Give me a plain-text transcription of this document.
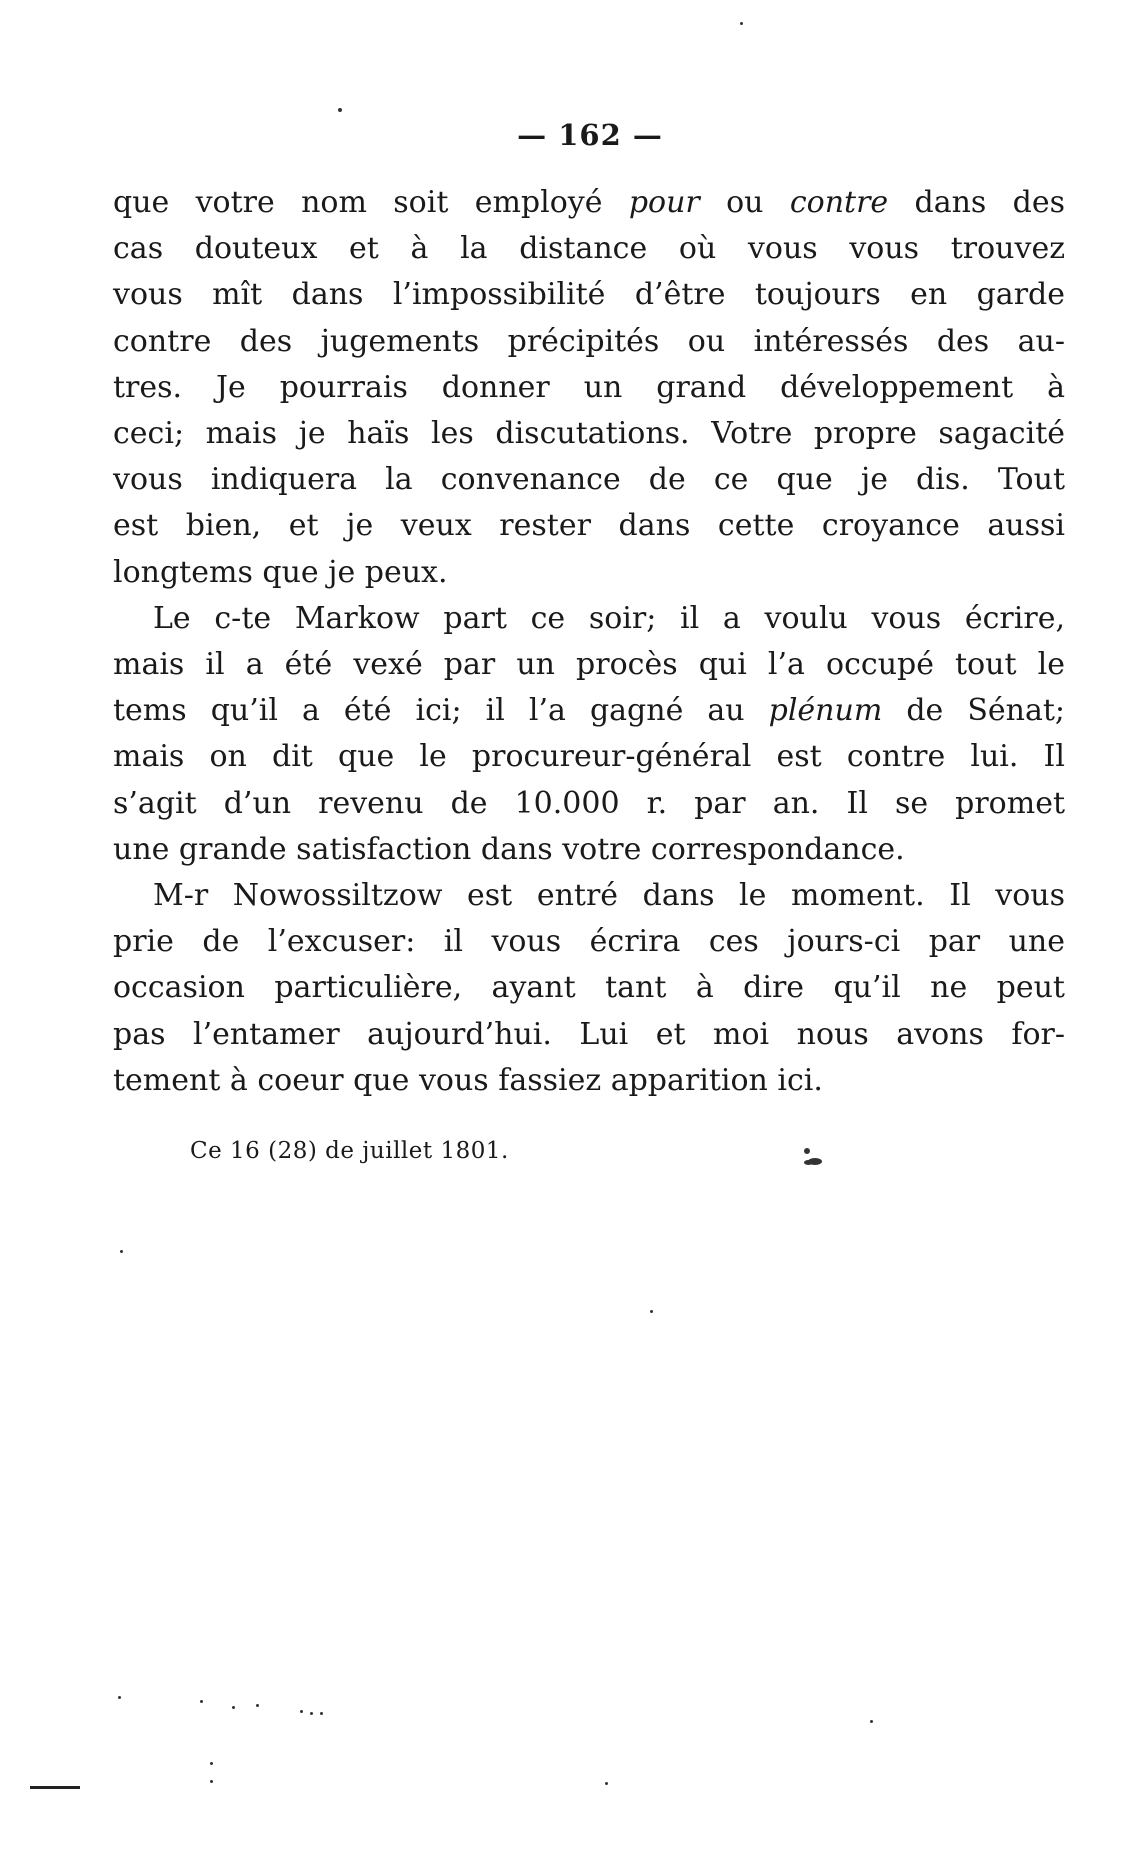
— 162 —

que votre nom soit employé pour ou contre dans des
cas douteux et à la distance où vous vous trouvez
vous mît dans l’impossibilité d’être toujours en garde
contre des jugements précipités ou intéressés des au-
tres. Je pourrais donner un grand développement à
ceci; mais je haïs les discutations. Votre propre sagacité
vous indiquera la convenance de ce que je dis. Tout
est bien, et je veux rester dans cette croyance aussi
longtems que je peux.

Le c-te Markow part ce soir; il a voulu vous écrire,
mais il a été vexé par un procès qui l’a occupé tout le
tems qu’il a été ici; il l’a gagné au plénum de Sénat;
mais on dit que le procureur-général est contre lui. Il
s’agit d’un revenu de 10.000 r. par an. Il se promet
une grande satisfaction dans votre correspondance.

M-r Nowossiltzow est entré dans le moment. Il vous
prie de l’excuser: il vous écrira ces jours-ci par une
occasion particulière, ayant tant à dire qu’il ne peut
pas l’entamer aujourd’hui. Lui et moi nous avons for-
tement à coeur que vous fassiez apparition ici.

Ce 16 (28) de juillet 1801.
